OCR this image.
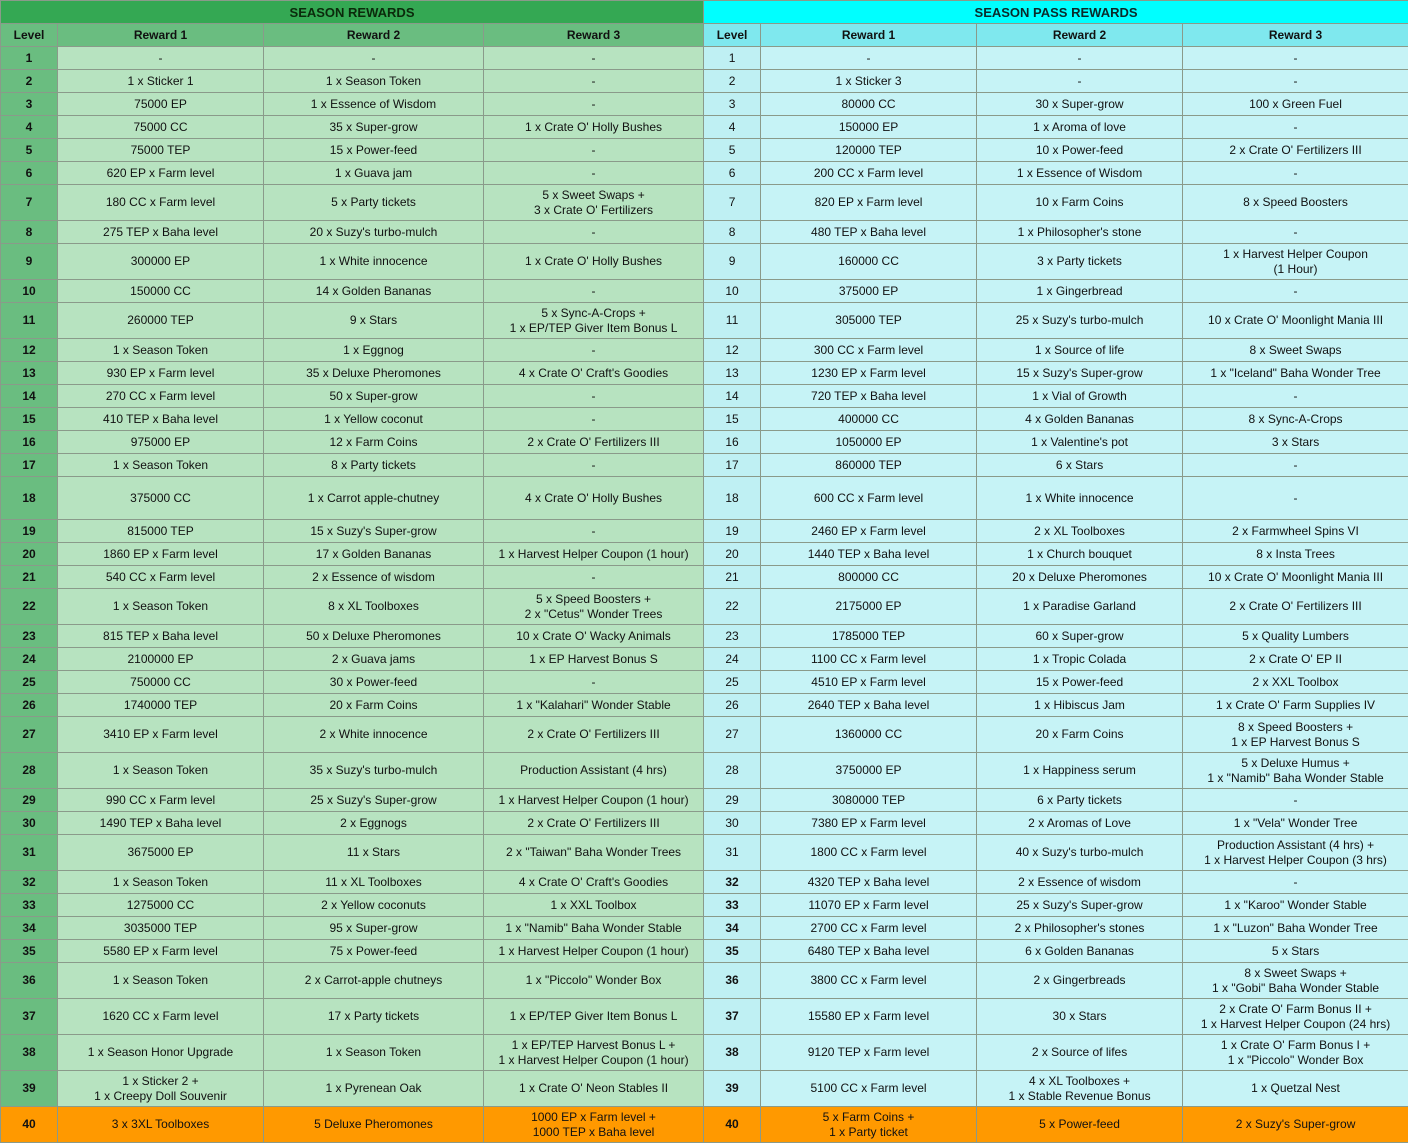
SEASON REWARDS				SEASON PASS REWARDS			
Level	Reward 1	Reward 2	Reward 3	Level	Reward 1	Reward 2	Reward 3
1	-	-	-	1	-	-	-
2	1 x Sticker 1	1 x Season Token	-	2	1 x Sticker 3	-	-
3	75000 EP	1 x Essence of Wisdom	-	3	80000 CC	30 x Super-grow	100 x Green Fuel
4	75000 CC	35 x Super-grow	1 x Crate O' Holly Bushes	4	150000 EP	1 x Aroma of love	-
5	75000 TEP	15 x Power-feed	-	5	120000 TEP	10 x Power-feed	2 x Crate O' Fertilizers III
6	620 EP x Farm level	1 x Guava jam	-	6	200 CC x Farm level	1 x Essence of Wisdom	-
7	180 CC x Farm level	5 x Party tickets	5 x Sweet Swaps +
3 x Crate O' Fertilizers	7	820 EP x Farm level	10 x Farm Coins	8 x Speed Boosters
8	275 TEP x Baha level	20 x Suzy's turbo-mulch	-	8	480 TEP x Baha level	1 x Philosopher's stone	-
9	300000 EP	1 x White innocence	1 x Crate O' Holly Bushes	9	160000 CC	3 x Party tickets	1 x Harvest Helper Coupon
(1 Hour)
10	150000 CC	14 x Golden Bananas	-	10	375000 EP	1 x Gingerbread	-
11	260000 TEP	9 x Stars	5 x Sync-A-Crops +
1 x EP/TEP Giver Item Bonus L	11	305000 TEP	25 x Suzy's turbo-mulch	10 x Crate O' Moonlight Mania III
12	1 x Season Token	1 x Eggnog	-	12	300 CC x Farm level	1 x Source of life	8 x Sweet Swaps
13	930 EP x Farm level	35 x Deluxe Pheromones	4 x Crate O' Craft's Goodies	13	1230 EP x Farm level	15 x Suzy's Super-grow	1 x "Iceland" Baha Wonder Tree
14	270 CC x Farm level	50 x Super-grow	-	14	720 TEP x Baha level	1 x Vial of Growth	-
15	410 TEP x Baha level	1 x Yellow coconut	-	15	400000 CC	4 x Golden Bananas	8 x Sync-A-Crops
16	975000 EP	12 x Farm Coins	2 x Crate O' Fertilizers III	16	1050000 EP	1 x Valentine's pot	3 x Stars
17	1 x Season Token	8 x Party tickets	-	17	860000 TEP	6 x Stars	-
18	375000 CC	1 x Carrot apple-chutney	4 x Crate O' Holly Bushes	18	600 CC x Farm level	1 x White innocence	-
19	815000 TEP	15 x Suzy's Super-grow	-	19	2460 EP x Farm level	2 x XL Toolboxes	2 x Farmwheel Spins VI
20	1860 EP x Farm level	17 x Golden Bananas	1 x Harvest Helper Coupon (1 hour)	20	1440 TEP x Baha level	1 x Church bouquet	8 x Insta Trees
21	540 CC x Farm level	2 x Essence of wisdom	-	21	800000 CC	20 x Deluxe Pheromones	10 x Crate O' Moonlight Mania III
22	1 x Season Token	8 x XL Toolboxes	5 x Speed Boosters +
2 x "Cetus" Wonder Trees	22	2175000 EP	1 x Paradise Garland	2 x Crate O' Fertilizers III
23	815 TEP x Baha level	50 x Deluxe Pheromones	10 x Crate O' Wacky Animals	23	1785000 TEP	60 x Super-grow	5 x Quality Lumbers
24	2100000 EP	2 x Guava jams	1 x EP Harvest Bonus S	24	1100 CC x Farm level	1 x Tropic Colada	2 x Crate O' EP II
25	750000 CC	30 x Power-feed	-	25	4510 EP x Farm level	15 x Power-feed	2 x XXL Toolbox
26	1740000 TEP	20 x Farm Coins	1 x "Kalahari" Wonder Stable	26	2640 TEP x Baha level	1 x Hibiscus Jam	1 x Crate O' Farm Supplies IV
27	3410 EP x Farm level	2 x White innocence	2 x Crate O' Fertilizers III	27	1360000 CC	20 x Farm Coins	8 x Speed Boosters +
1 x EP Harvest Bonus S
28	1 x Season Token	35 x Suzy's turbo-mulch	Production Assistant (4 hrs)	28	3750000 EP	1 x Happiness serum	5 x Deluxe Humus +
1 x "Namib" Baha Wonder Stable
29	990 CC x Farm level	25 x Suzy's Super-grow	1 x Harvest Helper Coupon (1 hour)	29	3080000 TEP	6 x Party tickets	-
30	1490 TEP x Baha level	2 x Eggnogs	2 x Crate O' Fertilizers III	30	7380 EP x Farm level	2 x Aromas of Love	1 x "Vela" Wonder Tree
31	3675000 EP	11 x Stars	2 x "Taiwan" Baha Wonder Trees	31	1800 CC x Farm level	40 x Suzy's turbo-mulch	Production Assistant (4 hrs) +
1 x Harvest Helper Coupon (3 hrs)
32	1 x Season Token	11 x XL Toolboxes	4 x Crate O' Craft's Goodies	32	4320 TEP x Baha level	2 x Essence of wisdom	-
33	1275000 CC	2 x Yellow coconuts	1 x XXL Toolbox	33	11070 EP x Farm level	25 x Suzy's Super-grow	1 x "Karoo" Wonder Stable
34	3035000 TEP	95 x Super-grow	1 x "Namib" Baha Wonder Stable	34	2700 CC x Farm level	2 x Philosopher's stones	1 x "Luzon" Baha Wonder Tree
35	5580 EP x Farm level	75 x Power-feed	1 x Harvest Helper Coupon (1 hour)	35	6480 TEP x Baha level	6 x Golden Bananas	5 x Stars
36	1 x Season Token	2 x Carrot-apple chutneys	1 x "Piccolo" Wonder Box	36	3800 CC x Farm level	2 x Gingerbreads	8 x Sweet Swaps +
1 x "Gobi" Baha Wonder Stable
37	1620 CC x Farm level	17 x Party tickets	1 x EP/TEP Giver Item Bonus L	37	15580 EP x Farm level	30 x Stars	2 x Crate O' Farm Bonus II +
1 x Harvest Helper Coupon (24 hrs)
38	1 x Season Honor Upgrade	1 x Season Token	1 x EP/TEP Harvest Bonus L +
1 x Harvest Helper Coupon (1 hour)	38	9120 TEP x Farm level	2 x Source of lifes	1 x Crate O' Farm Bonus I +
1 x "Piccolo" Wonder Box
39	1 x Sticker 2 +
1 x Creepy Doll Souvenir	1 x Pyrenean Oak	1 x Crate O' Neon Stables II	39	5100 CC x Farm level	4 x XL Toolboxes +
1 x Stable Revenue Bonus	1 x Quetzal Nest
40	3 x 3XL Toolboxes	5 Deluxe Pheromones	1000 EP x Farm level +
1000 TEP x Baha level	40	5 x Farm Coins +
1 x Party ticket	5 x Power-feed	2 x Suzy's Super-grow
